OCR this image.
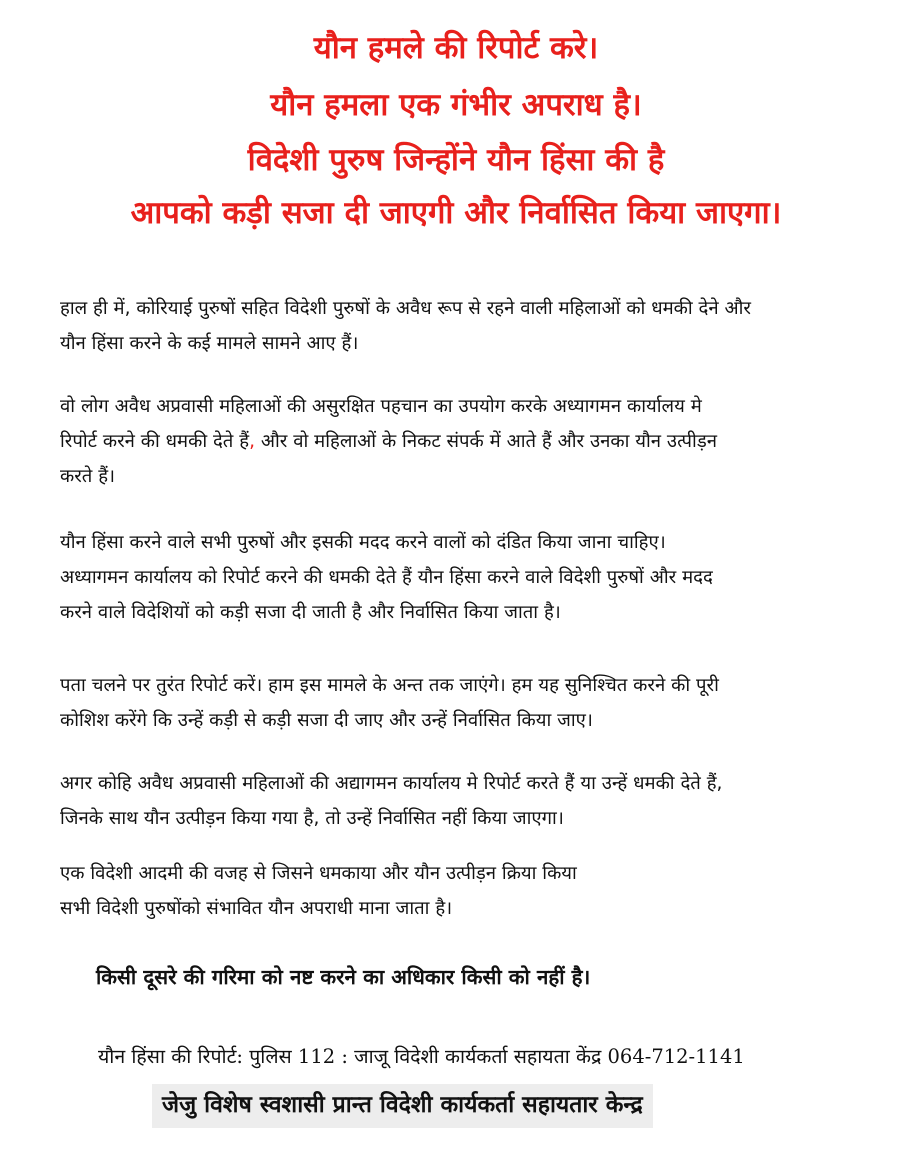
यौन हमले की रिपोर्ट करे।
यौन हमला एक गंभीर अपराध है।
विदेशी पुरुष जिन्होंने यौन हिंसा की है
आपको कड़ी सजा दी जाएगी और निर्वासित किया जाएगा।
हाल ही में, कोरियाई पुरुषों सहित विदेशी पुरुषों के अवैध रूप से रहने वाली महिलाओं को धमकी देने और
यौन हिंसा करने के कई मामले सामने आए हैं।
वो लोग अवैध अप्रवासी महिलाओं की असुरक्षित पहचान का उपयोग करके अध्यागमन कार्यालय मे
रिपोर्ट करने की धमकी देते हैं, और वो महिलाओं के निकट संपर्क में आते हैं और उनका यौन उत्पीड़न
करते हैं।
यौन हिंसा करने वाले सभी पुरुषों और इसकी मदद करने वालों को दंडित किया जाना चाहिए।
अध्यागमन कार्यालय को रिपोर्ट करने की धमकी देते हैं यौन हिंसा करने वाले विदेशी पुरुषों और मदद
करने वाले विदेशियों को कड़ी सजा दी जाती है और निर्वासित किया जाता है।
पता चलने पर तुरंत रिपोर्ट करें। हाम इस मामले के अन्त तक जाएंगे। हम यह सुनिश्चित करने की पूरी
कोशिश करेंगे कि उन्हें कड़ी से कड़ी सजा दी जाए और उन्हें निर्वासित किया जाए।
अगर कोहि अवैध अप्रवासी महिलाओं की अद्यागमन कार्यालय मे रिपोर्ट करते हैं या उन्हें धमकी देते हैं,
जिनके साथ यौन उत्पीड़न किया गया है, तो उन्हें निर्वासित नहीं किया जाएगा।
एक विदेशी आदमी की वजह से जिसने धमकाया और यौन उत्पीड़न क्रिया किया
सभी विदेशी पुरुषोंको संभावित यौन अपराधी माना जाता है।
किसी दूसरे की गरिमा को नष्ट करने का अधिकार किसी को नहीं है।
यौन हिंसा की रिपोर्ट: पुलिस 112 : जाजू विदेशी कार्यकर्ता सहायता केंद्र 064-712-1141
जेजु विशेष स्वशासी प्रान्त विदेशी कार्यकर्ता सहायतार केन्द्र
